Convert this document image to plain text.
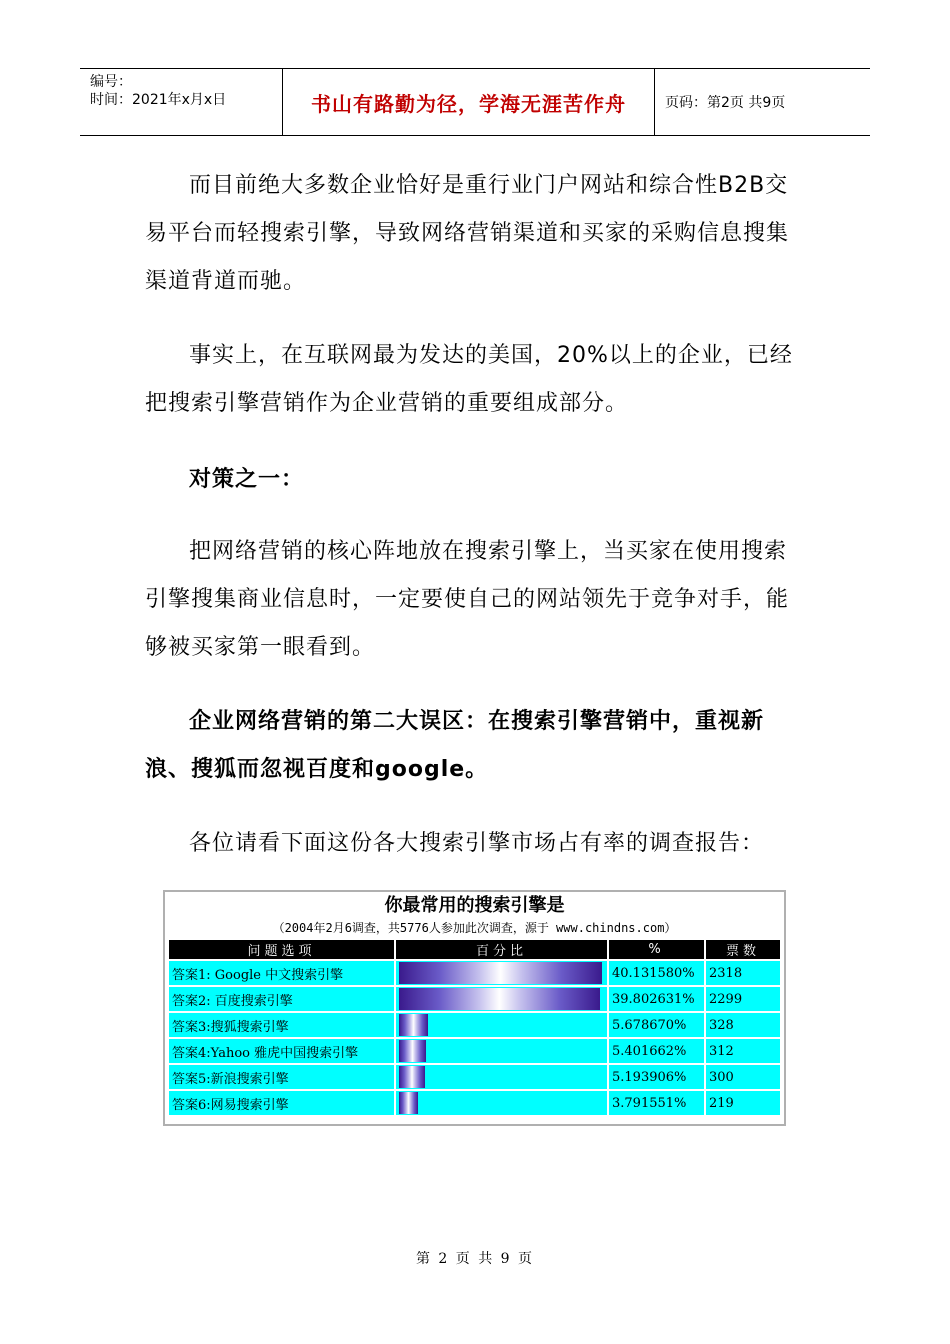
编号：
时间：2021年x月x日	书山有路勤为径，学海无涯苦作舟	页码：第2页 共9页
而目前绝大多数企业恰好是重行业门户网站和综合性B2B交易平台而轻搜索引擎，导致网络营销渠道和买家的采购信息搜集渠道背道而驰。
事实上，在互联网最为发达的美国，20%以上的企业，已经把搜索引擎营销作为企业营销的重要组成部分。
对策之一：
把网络营销的核心阵地放在搜索引擎上，当买家在使用搜索引擎搜集商业信息时，一定要使自己的网站领先于竞争对手，能够被买家第一眼看到。
企业网络营销的第二大误区：在搜索引擎营销中，重视新浪、搜狐而忽视百度和google。
各位请看下面这份各大搜索引擎市场占有率的调查报告：
你最常用的搜索引擎是
（2004年2月6调查，共5776人参加此次调查，源于 www.chindns.com）
问题选项	百分比	%	票数
答案1: Google 中文搜索引擎		40.131580%	2318
答案2: 百度搜索引擎		39.802631%	2299
答案3:搜狐搜索引擎		5.678670%	328
答案4:Yahoo 雅虎中国搜索引擎		5.401662%	312
答案5:新浪搜索引擎		5.193906%	300
答案6:网易搜索引擎		3.791551%	219
第 2 页 共 9 页
